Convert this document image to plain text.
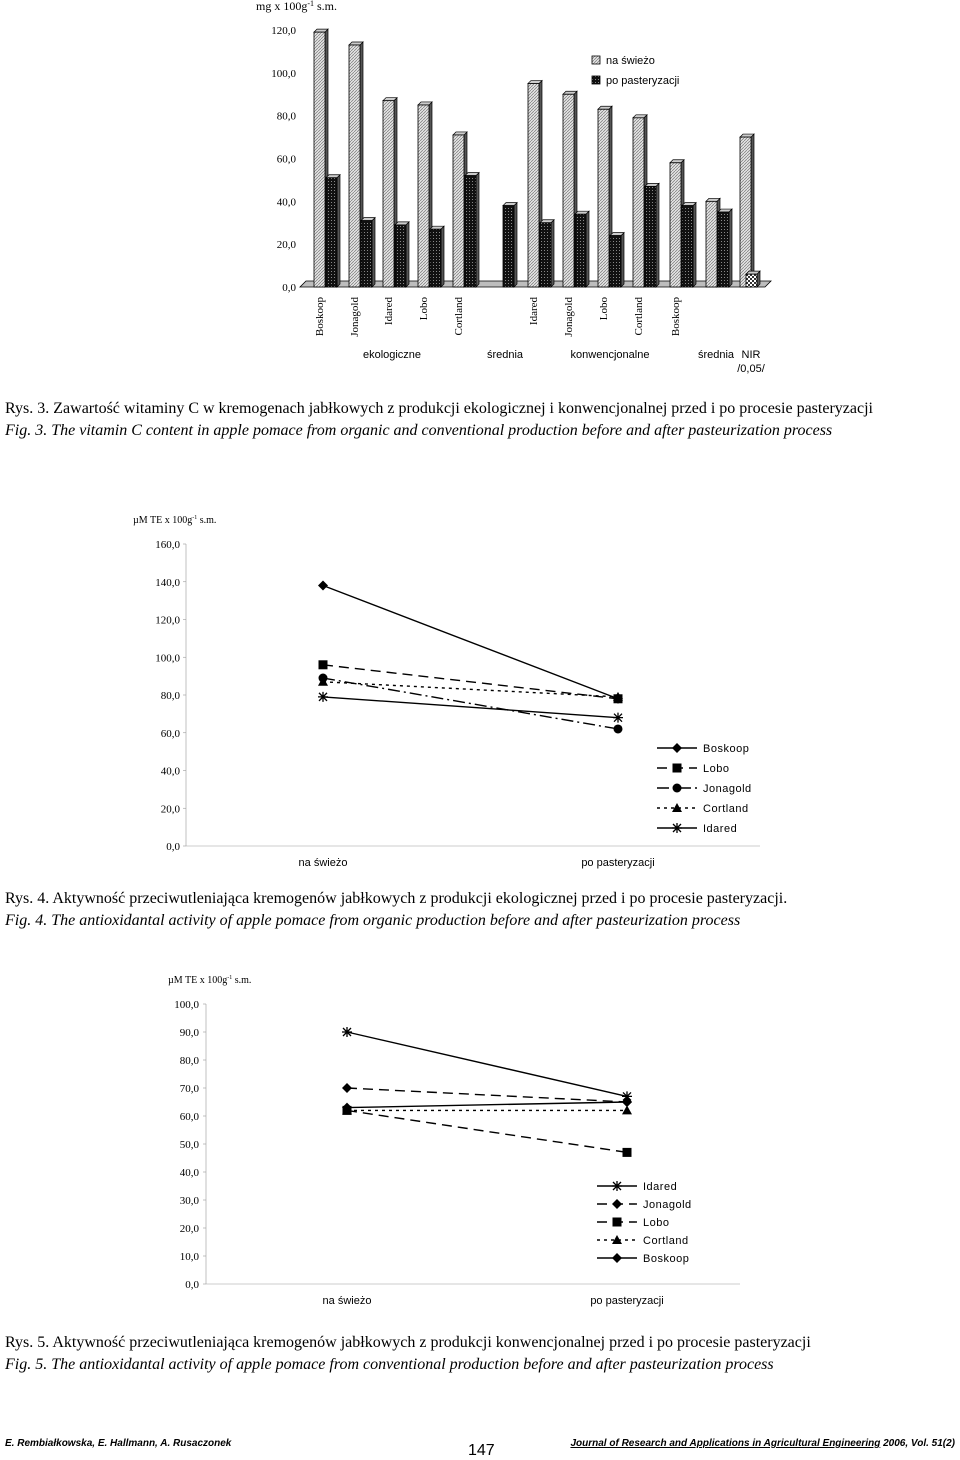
mg x $100g^{-1}$ s.m.
0,0
20,0
40,0
60,0
80,0
100,0
120,0
Boskoop Jonagold Idared Lobo Cortland	Idared Jonagold Lobo Cortland Boskoop
ekologiczne	średnia	konwencjonalne	średnia NIR
/0,05/
na świeżo
po pasteryzacji
Rys. 3. Zawartość witaminy C w kremogenach jabłkowych z produkcji ekologicznej i konwencjonalnej przed i po procesie pasteryzacji
Fig. 3. The vitamin C content in apple pomace from organic and conventional production before and after pasteurization process
µM TE x $100g^{-1}$ s.m.
0,0
20,0
40,0
60,0
80,0
100,0
120,0
140,0
160,0
na świeżo	po pasteryzacji
Boskoop
Lobo
Jonagold
Cortland
Idared
Rys. 4. Aktywność przeciwutleniająca kremogenów jabłkowych z produkcji ekologicznej przed i po procesie pasteryzacji.
Fig. 4. The antioxidantal activity of apple pomace from organic production before and after pasteurization process
µM TE x $100g^{-1}$ s.m.
0,0
10,0
20,0
30,0
40,0
50,0
60,0
70,0
80,0
90,0
100,0
na świeżo	po pasteryzacji
Idared
Jonagold
Lobo
Cortland
Boskoop
Rys. 5. Aktywność przeciwutleniająca kremogenów jabłkowych z produkcji konwencjonalnej przed i po procesie pasteryzacji
Fig. 5. The antioxidantal activity of apple pomace from conventional production before and after pasteurization process
E. Rembiałkowska, E. Hallmann, A. Rusaczonek	Journal of Research and Applications in Agricultural Engineering 2006, Vol. 51(2)
147
